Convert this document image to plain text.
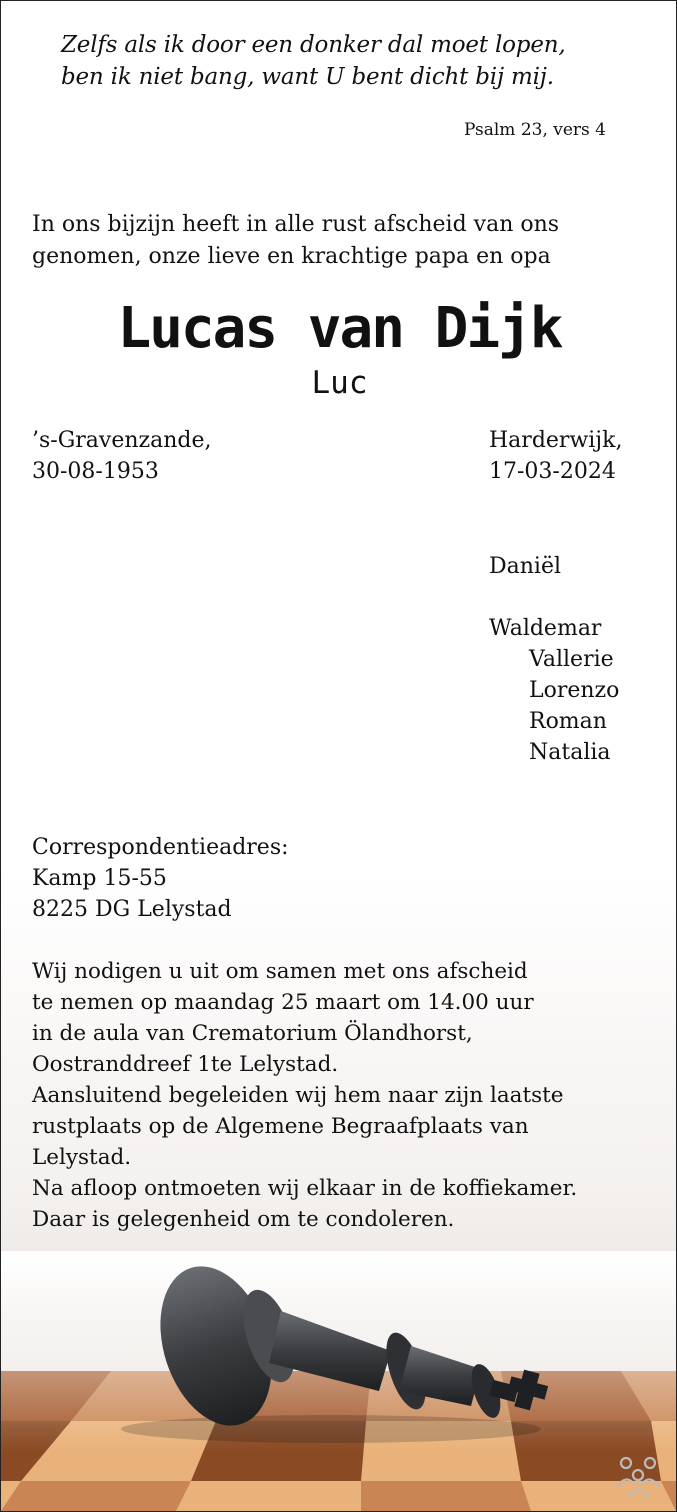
Zelfs als ik door een donker dal moet lopen,
ben ik niet bang, want U bent dicht bij mij.
Psalm 23, vers 4
In ons bijzijn heeft in alle rust afscheid van ons
genomen, onze lieve en krachtige papa en opa
Lucas van Dijk
Luc
’s-Gravenzande,
30-08-1953
Harderwijk,
17-03-2024
Daniël
Waldemar
Vallerie
Lorenzo
Roman
Natalia
Correspondentieadres:
Kamp 15-55
8225 DG Lelystad
Wij nodigen u uit om samen met ons afscheid
te nemen op maandag 25 maart om 14.00 uur
in de aula van Crematorium Ölandhorst,
Oostranddreef 1te Lelystad.
Aansluitend begeleiden wij hem naar zijn laatste
rustplaats op de Algemene Begraafplaats van
Lelystad.
Na afloop ontmoeten wij elkaar in de koffiekamer.
Daar is gelegenheid om te condoleren.
